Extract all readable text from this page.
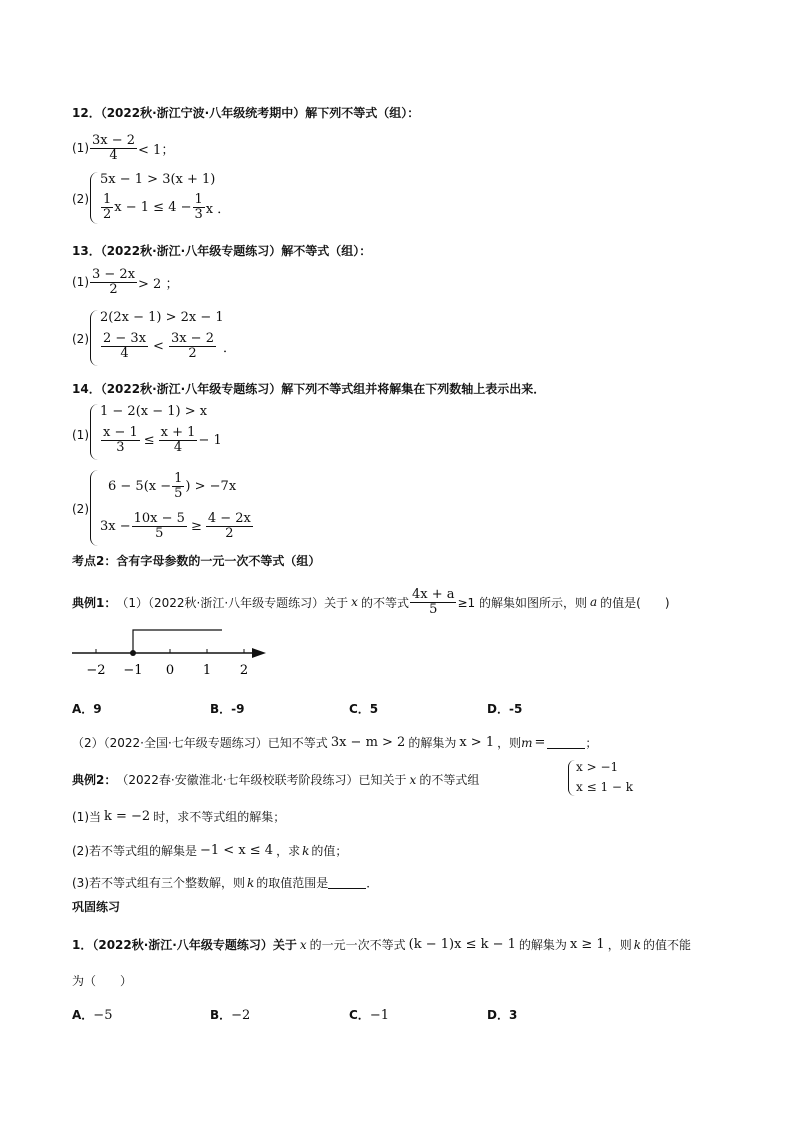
12．（2022秋·浙江宁波·八年级统考期中）解下列不等式（组）：
$(1) \frac{3x - 2}{4} < 1$；
(2)
5x − 1 > 3(x + 1)
$\frac{1}{2}$ $x - 1 \le 4 - \frac{1}{3}$ x ．
13．（2022秋·浙江·八年级专题练习）解不等式（组）：
$(1) \frac{3 - 2x}{2} > 2$ ；
(2)
2(2x − 1) > 2x − 1
$\frac{2 - 3x}{4} < \frac{3x - 2}{2}$ ．
14．（2022秋·浙江·八年级专题练习）解下列不等式组并将解集在下列数轴上表示出来．
(1)
1 − 2(x − 1) > x
$\frac{x - 1}{3} \le \frac{x + 1}{4} - 1$
(2)
$6 - 5(x - \frac{1}{5}$ ) > −7x
$3x - \frac{10x - 5}{5} \ge \frac{4 - 2x}{2}$
考点2：含有字母参数的一元一次不等式（组）
典例1： （1）（2022秋·浙江·八年级专题练习）关于 x 的不等式 $\frac{4x + a}{5} \ge 1$ 的解集如图所示，则 a 的值是(　　)
−2 −1 0 1 2
A．9	B．-9	C．5	D．-5
（2）（2022·全国·七年级专题练习）已知不等式 3x − m > 2 的解集为 x > 1 ，则 m =	；
典例2： （2022春·安徽淮北·七年级校联考阶段练习）已知关于 x 的不等式组
x > −1
x ≤ 1 − k
(1)当 k = −2 时，求不等式组的解集；
(2)若不等式组的解集是 −1 < x ≤ 4 ，求 k 的值；
(3)若不等式组有三个整数解，则 k 的取值范围是	．
巩固练习
1．（2022秋·浙江·八年级专题练习）关于 x 的一元一次不等式 (k − 1)x ≤ k − 1 的解集为 x ≥ 1 ，则 k 的值不能
为（　　）
A．−5	B．−2	C．−1	D．3
